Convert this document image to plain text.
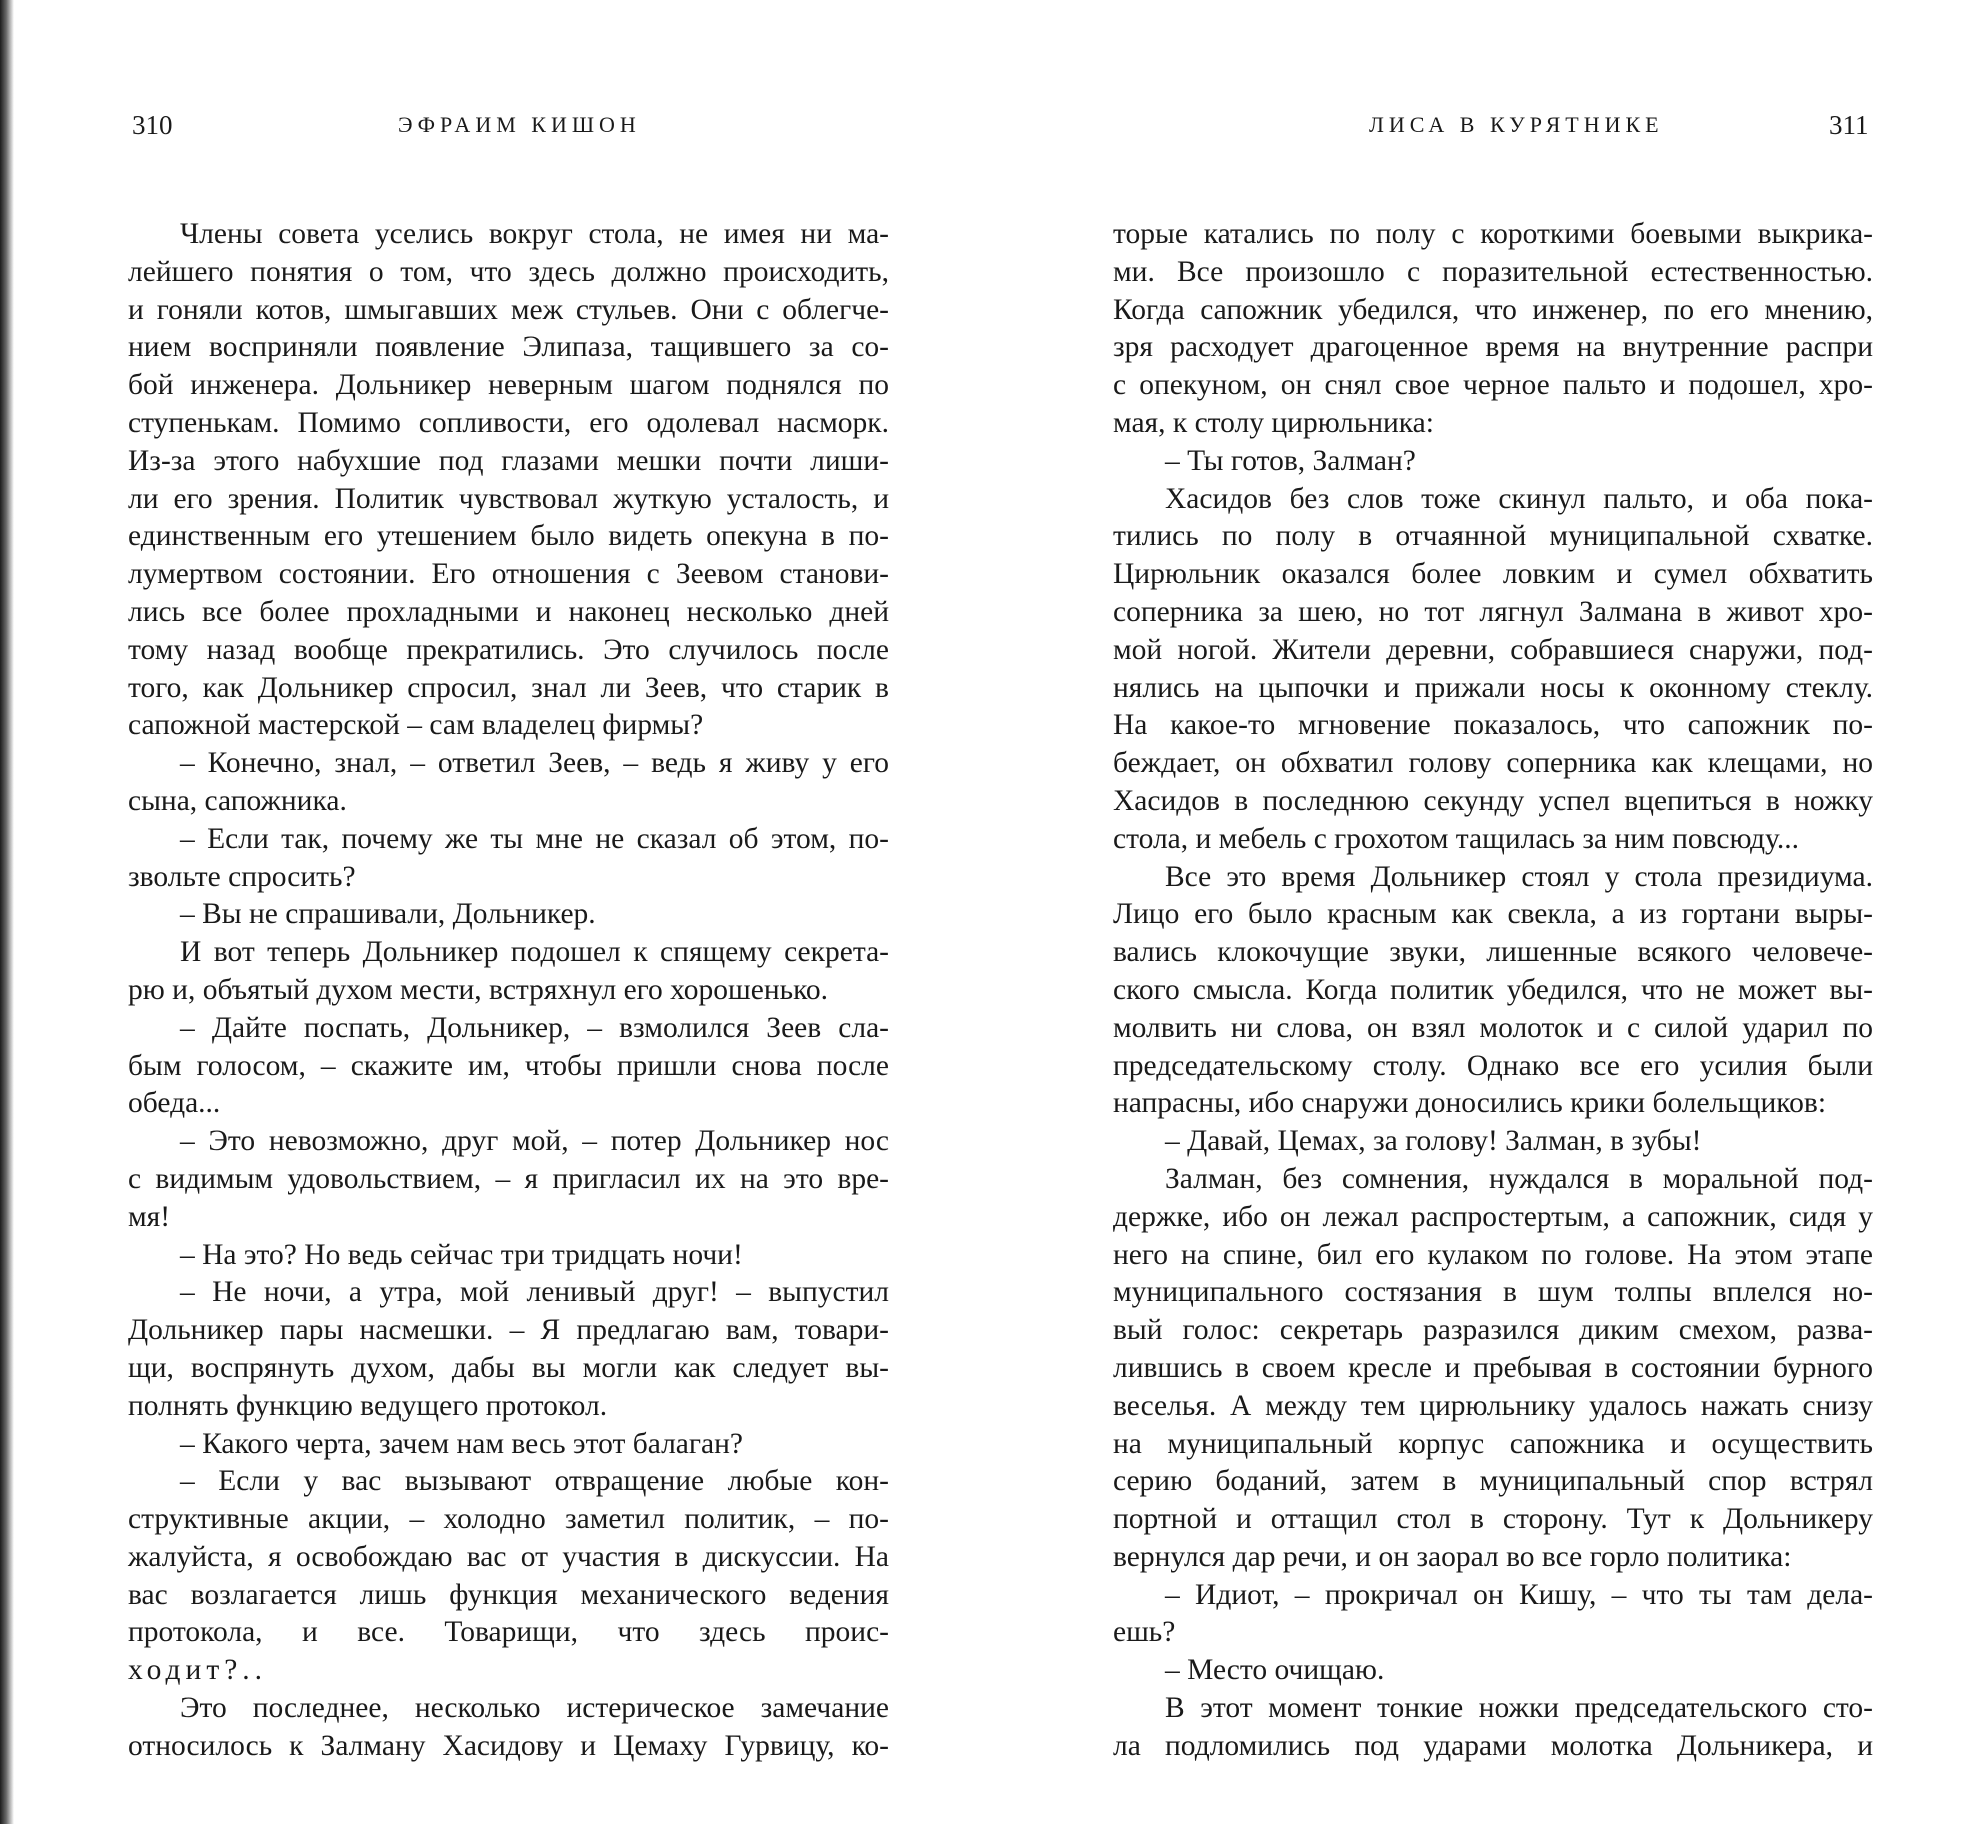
310	ЭФРАИМ КИШОН
Члены совета уселись вокруг стола, не имея ни ма-
лейшего понятия о том, что здесь должно происходить,
и гоняли котов, шмыгавших меж стульев. Они с облегче-
нием восприняли появление Элипаза, тащившего за со-
бой инженера. Дольникер неверным шагом поднялся по
ступенькам. Помимо сопливости, его одолевал насморк.
Из-за этого набухшие под глазами мешки почти лиши-
ли его зрения. Политик чувствовал жуткую усталость, и
единственным его утешением было видеть опекуна в по-
лумертвом состоянии. Его отношения с Зеевом станови-
лись все более прохладными и наконец несколько дней
тому назад вообще прекратились. Это случилось после
того, как Дольникер спросил, знал ли Зеев, что старик в
сапожной мастерской – сам владелец фирмы?
– Конечно, знал, – ответил Зеев, – ведь я живу у его
сына, сапожника.
– Если так, почему же ты мне не сказал об этом, по-
звольте спросить?
– Вы не спрашивали, Дольникер.
И вот теперь Дольникер подошел к спящему секрета-
рю и, объятый духом мести, встряхнул его хорошенько.
– Дайте поспать, Дольникер, – взмолился Зеев сла-
бым голосом, – скажите им, чтобы пришли снова после
обеда...
– Это невозможно, друг мой, – потер Дольникер нос
с видимым удовольствием, – я пригласил их на это вре-
мя!
– На это? Но ведь сейчас три тридцать ночи!
– Не ночи, а утра, мой ленивый друг! – выпустил
Дольникер пары насмешки. – Я предлагаю вам, товари-
щи, воспрянуть духом, дабы вы могли как следует вы-
полнять функцию ведущего протокол.
– Какого черта, зачем нам весь этот балаган?
– Если у вас вызывают отвращение любые кон-
структивные акции, – холодно заметил политик, – по-
жалуйста, я освобождаю вас от участия в дискуссии. На
вас возлагается лишь функция механического ведения
протокола, и все. Товарищи, что здесь проис-
ходит?..
Это последнее, несколько истерическое замечание
относилось к Залману Хасидову и Цемаху Гурвицу, ко-
ЛИСА В КУРЯТНИКЕ	311
торые катались по полу с короткими боевыми выкрика-
ми. Все произошло с поразительной естественностью.
Когда сапожник убедился, что инженер, по его мнению,
зря расходует драгоценное время на внутренние распри
с опекуном, он снял свое черное пальто и подошел, хро-
мая, к столу цирюльника:
– Ты готов, Залман?
Хасидов без слов тоже скинул пальто, и оба пока-
тились по полу в отчаянной муниципальной схватке.
Цирюльник оказался более ловким и сумел обхватить
соперника за шею, но тот лягнул Залмана в живот хро-
мой ногой. Жители деревни, собравшиеся снаружи, под-
нялись на цыпочки и прижали носы к оконному стеклу.
На какое-то мгновение показалось, что сапожник по-
беждает, он обхватил голову соперника как клещами, но
Хасидов в последнюю секунду успел вцепиться в ножку
стола, и мебель с грохотом тащилась за ним повсюду...
Все это время Дольникер стоял у стола президиума.
Лицо его было красным как свекла, а из гортани выры-
вались клокочущие звуки, лишенные всякого человече-
ского смысла. Когда политик убедился, что не может вы-
молвить ни слова, он взял молоток и с силой ударил по
председательскому столу. Однако все его усилия были
напрасны, ибо снаружи доносились крики болельщиков:
– Давай, Цемах, за голову! Залман, в зубы!
Залман, без сомнения, нуждался в моральной под-
держке, ибо он лежал распростертым, а сапожник, сидя у
него на спине, бил его кулаком по голове. На этом этапе
муниципального состязания в шум толпы вплелся но-
вый голос: секретарь разразился диким смехом, разва-
лившись в своем кресле и пребывая в состоянии бурного
веселья. А между тем цирюльнику удалось нажать снизу
на муниципальный корпус сапожника и осуществить
серию боданий, затем в муниципальный спор встрял
портной и оттащил стол в сторону. Тут к Дольникеру
вернулся дар речи, и он заорал во все горло политика:
– Идиот, – прокричал он Кишу, – что ты там дела-
ешь?
– Место очищаю.
В этот момент тонкие ножки председательского сто-
ла подломились под ударами молотка Дольникера, и
